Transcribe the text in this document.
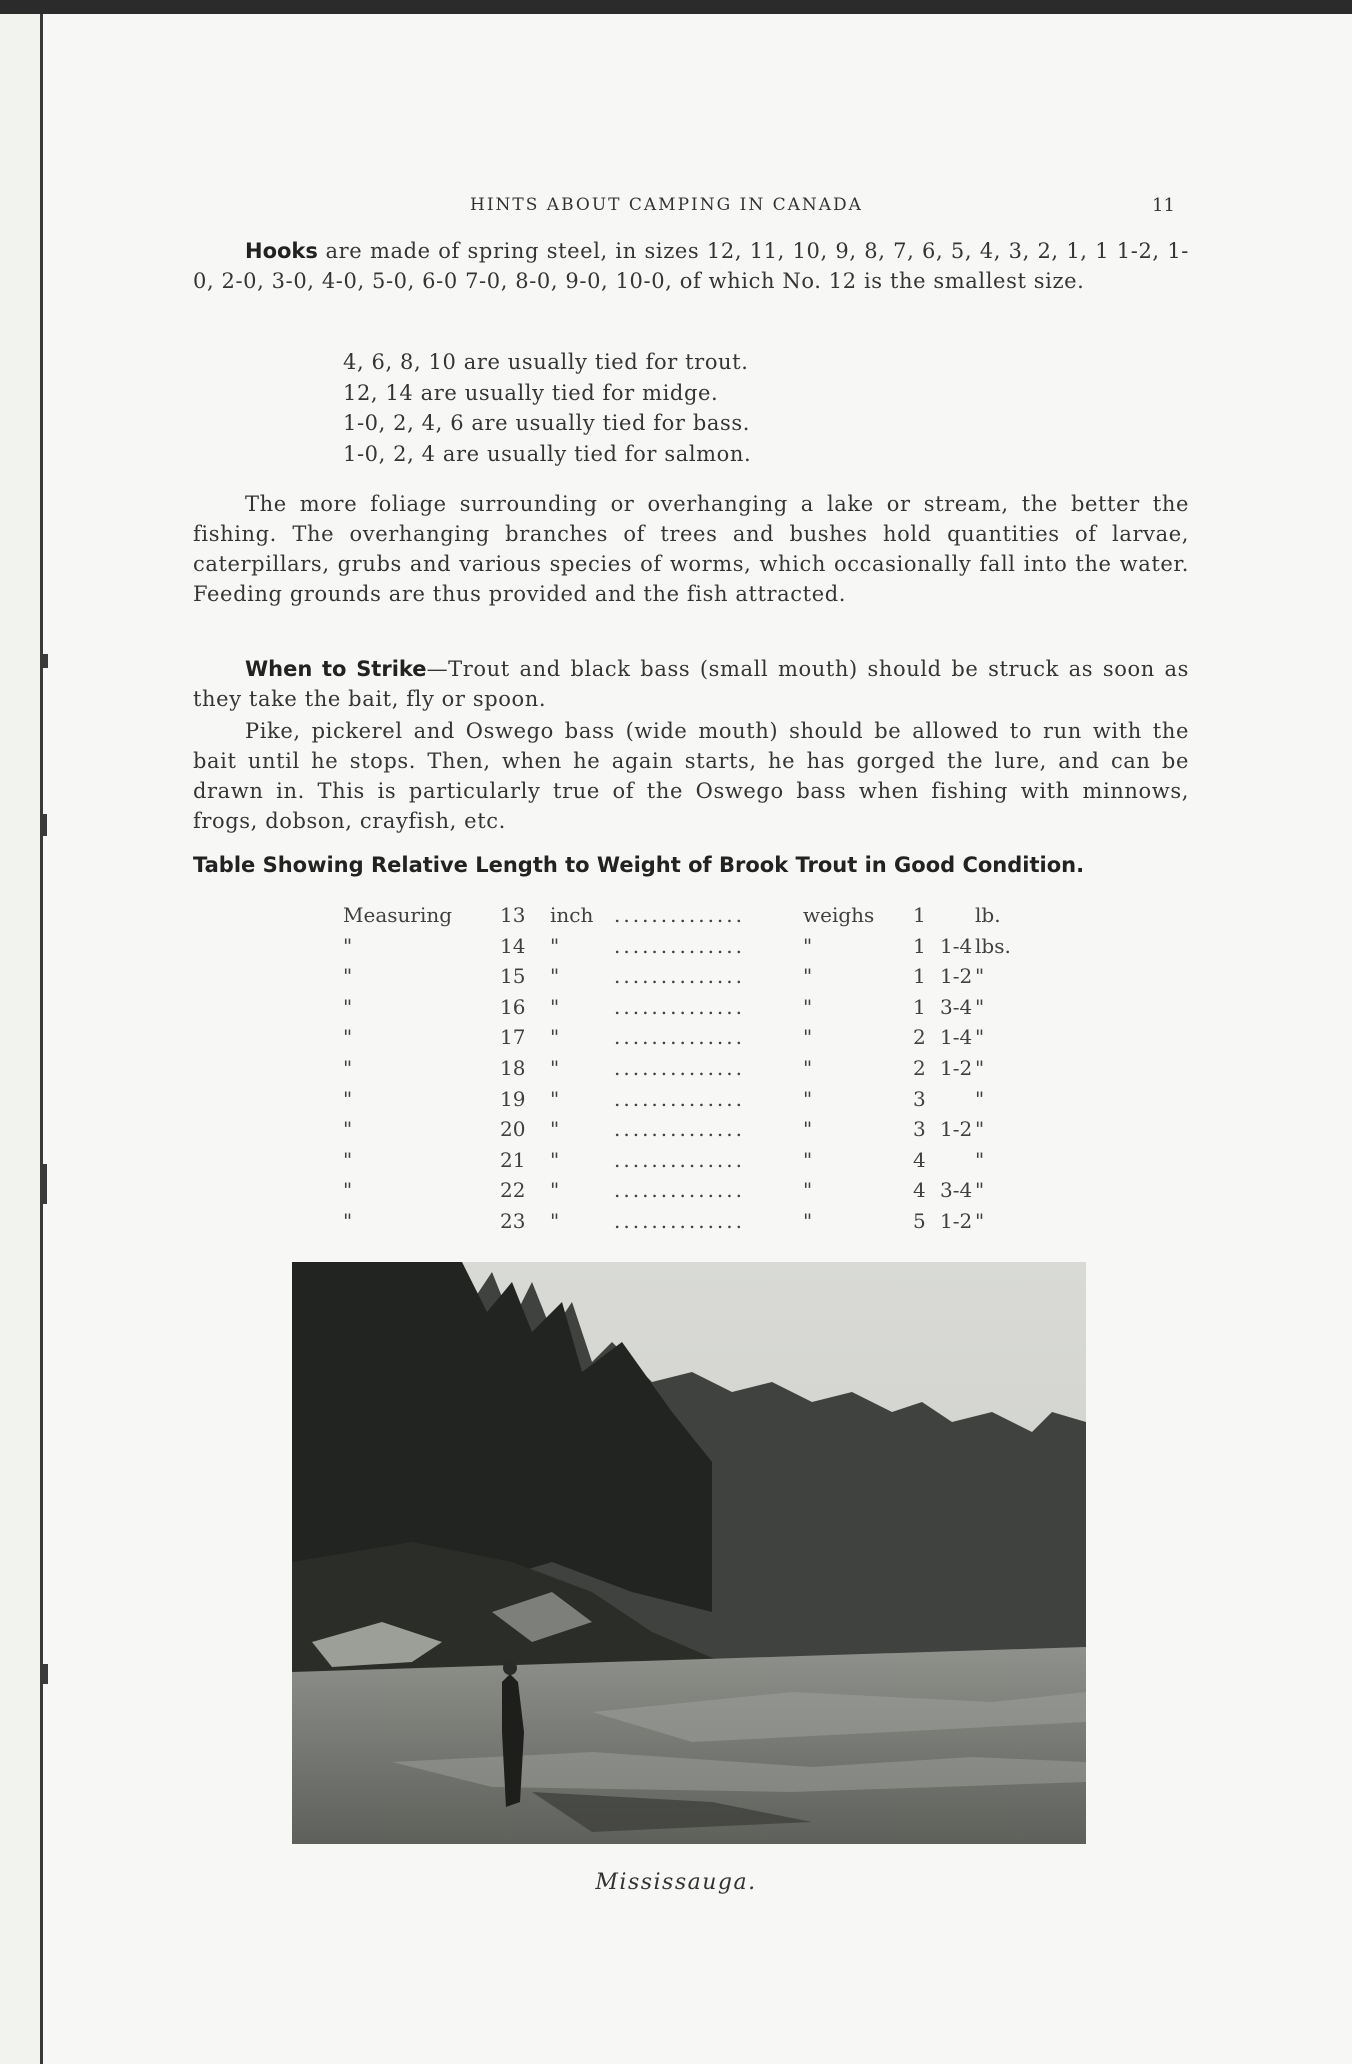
HINTS ABOUT CAMPING IN CANADA	11
Hooks are made of spring steel, in sizes 12, 11, 10, 9, 8, 7, 6, 5, 4, 3, 2, 1, 1 1-2, 1-0, 2-0, 3-0, 4-0, 5-0, 6-0 7-0, 8-0, 9-0, 10-0, of which No. 12 is the smallest size.
4, 6, 8, 10 are usually tied for trout.
12, 14 are usually tied for midge.
1-0, 2, 4, 6 are usually tied for bass.
1-0, 2, 4 are usually tied for salmon.
The more foliage surrounding or overhanging a lake or stream, the better the fishing. The overhanging branches of trees and bushes hold quantities of larvae, caterpillars, grubs and various species of worms, which occasionally fall into the water. Feeding grounds are thus provided and the fish attracted.
When to Strike—Trout and black bass (small mouth) should be struck as soon as they take the bait, fly or spoon.
Pike, pickerel and Oswego bass (wide mouth) should be allowed to run with the bait until he stops. Then, when he again starts, he has gorged the lure, and can be drawn in. This is particularly true of the Oswego bass when fishing with minnows, frogs, dobson, crayfish, etc.
Table Showing Relative Length to Weight of Brook Trout in Good Condition.
Measuring 13 inch ..............	weighs 1 lb.
"	14 "	..............	"	1 1-4 lbs.
"	15 "	..............	"	1 1-2 "
"	16 "	..............	"	1 3-4 "
"	17 "	..............	"	2 1-4 "
"	18 "	..............	"	2 1-2 "
"	19 "	..............	"	3 "
"	20 "	..............	"	3 1-2 "
"	21 "	..............	"	4 "
"	22 "	..............	"	4 3-4 "
"	23 "	..............	"	5 1-2 "
Mississauga.
